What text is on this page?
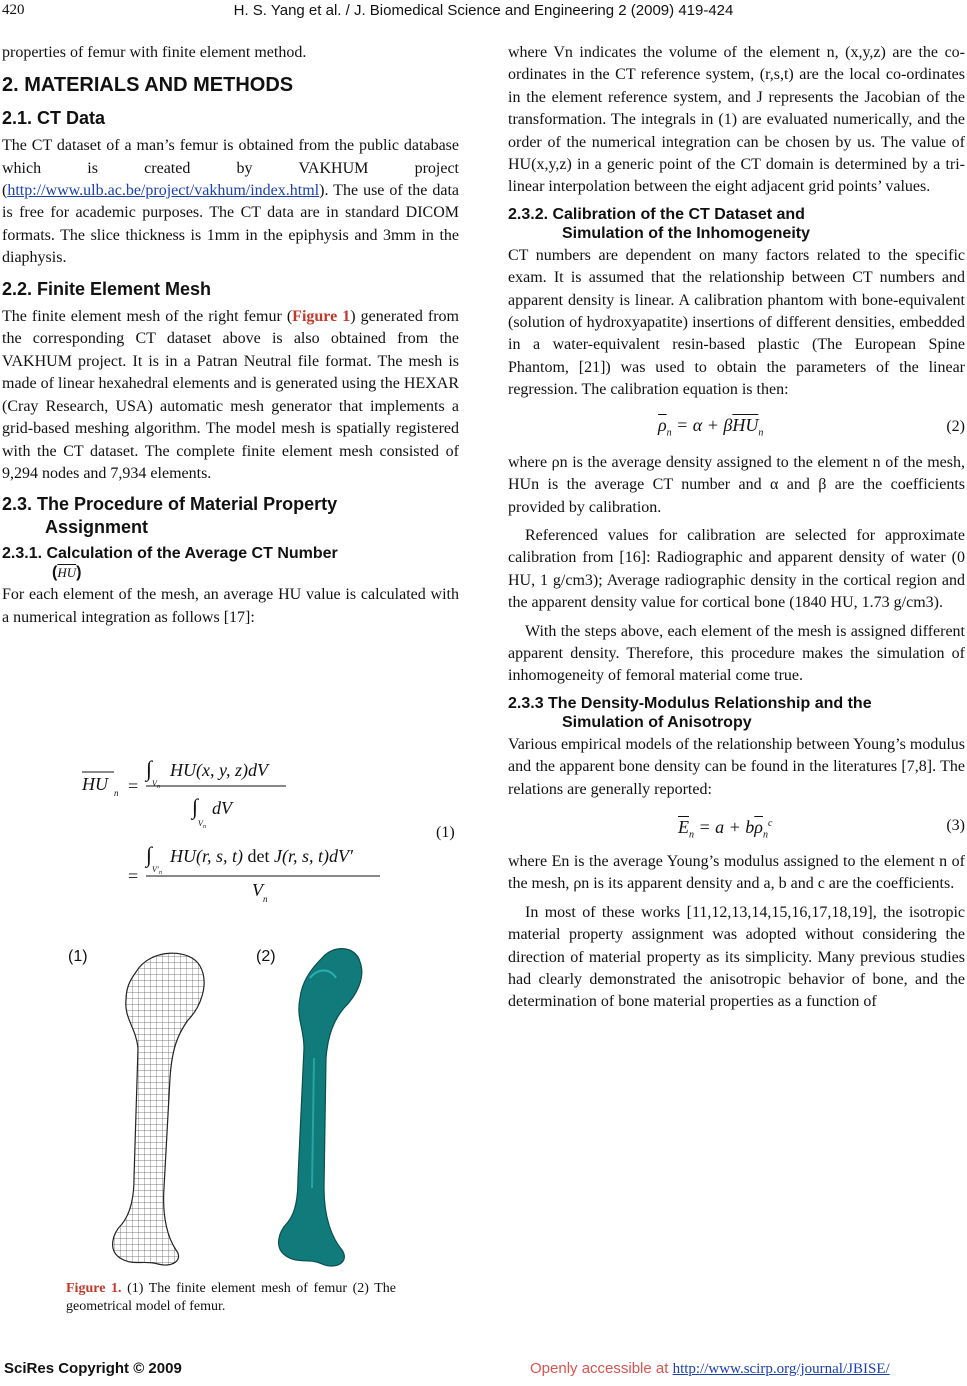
420	H. S. Yang et al. / J. Biomedical Science and Engineering 2 (2009) 419-424

properties of femur with finite element method.

2. MATERIALS AND METHODS
2.1. CT Data

The CT dataset of a man’s femur is obtained from the public database which is created by VAKHUM project (http://www.ulb.ac.be/project/vakhum/index.html). The use of the data is free for academic purposes. The CT data are in standard DICOM formats. The slice thickness is 1mm in the epiphysis and 3mm in the diaphysis.

2.2. Finite Element Mesh

The finite element mesh of the right femur (Figure 1) generated from the corresponding CT dataset above is also obtained from the VAKHUM project. It is in a Patran Neutral file format. The mesh is made of linear hexahedral elements and is generated using the HEXAR (Cray Research, USA) automatic mesh generator that implements a grid-based meshing algorithm. The model mesh is spatially registered with the CT dataset. The complete finite element mesh consisted of 9,294 nodes and 7,934 elements.

2.3. The Procedure of Material Property
Assignment
2.3.1. Calculation of the Average CT Number
$(\overline{HU})$

For each element of the mesh, an average HU value is calculated with a numerical integration as follows [17]:

HU n =
∫
V n
HU(x, y, z)dV
∫
V n
dV
=
∫
V' n
HU(r, s, t) det J(r, s, t)dV′
V n
(1)
(1)	(2)
Figure 1. (1) The finite element mesh of femur (2) The geometrical model of femur.

where Vn indicates the volume of the element n, (x,y,z) are the co-ordinates in the CT reference system, (r,s,t) are the local co-ordinates in the element reference system, and J represents the Jacobian of the transformation. The integrals in (1) are evaluated numerically, and the order of the numerical integration can be chosen by us. The value of HU(x,y,z) in a generic point of the CT domain is determined by a tri-linear interpolation between the eight adjacent grid points’ values.

2.3.2. Calibration of the CT Dataset and
Simulation of the Inhomogeneity

CT numbers are dependent on many factors related to the specific exam. It is assumed that the relationship between CT numbers and apparent density is linear. A calibration phantom with bone-equivalent (solution of hydroxyapatite) insertions of different densities, embedded in a water-equivalent resin-based plastic (The European Spine Phantom, [21]) was used to obtain the parameters of the linear regression. The calibration equation is then:

$\overline{\rho}_n = \alpha + \beta\overline{HU}_n$	(2)

where ρn is the average density assigned to the element n of the mesh, HUn is the average CT number and α and β are the coefficients provided by calibration.

Referenced values for calibration are selected for approximate calibration from [16]: Radiographic and apparent density of water (0 HU, 1 g/cm3); Average radiographic density in the cortical region and the apparent density value for cortical bone (1840 HU, 1.73 g/cm3).

With the steps above, each element of the mesh is assigned different apparent density. Therefore, this procedure makes the simulation of inhomogeneity of femoral material come true.

2.3.3 The Density-Modulus Relationship and the
Simulation of Anisotropy

Various empirical models of the relationship between Young’s modulus and the apparent bone density can be found in the literatures [7,8]. The relations are generally reported:

$\overline{E}_n = a + b\overline{\rho}_n^c$	(3)

where En is the average Young’s modulus assigned to the element n of the mesh, ρn is its apparent density and a, b and c are the coefficients.

In most of these works [11,12,13,14,15,16,17,18,19], the isotropic material property assignment was adopted without considering the direction of material property as its simplicity. Many previous studies had clearly demonstrated the anisotropic behavior of bone, and the determination of bone material properties as a function of

SciRes Copyright © 2009	Openly accessible at http://www.scirp.org/journal/JBISE/
